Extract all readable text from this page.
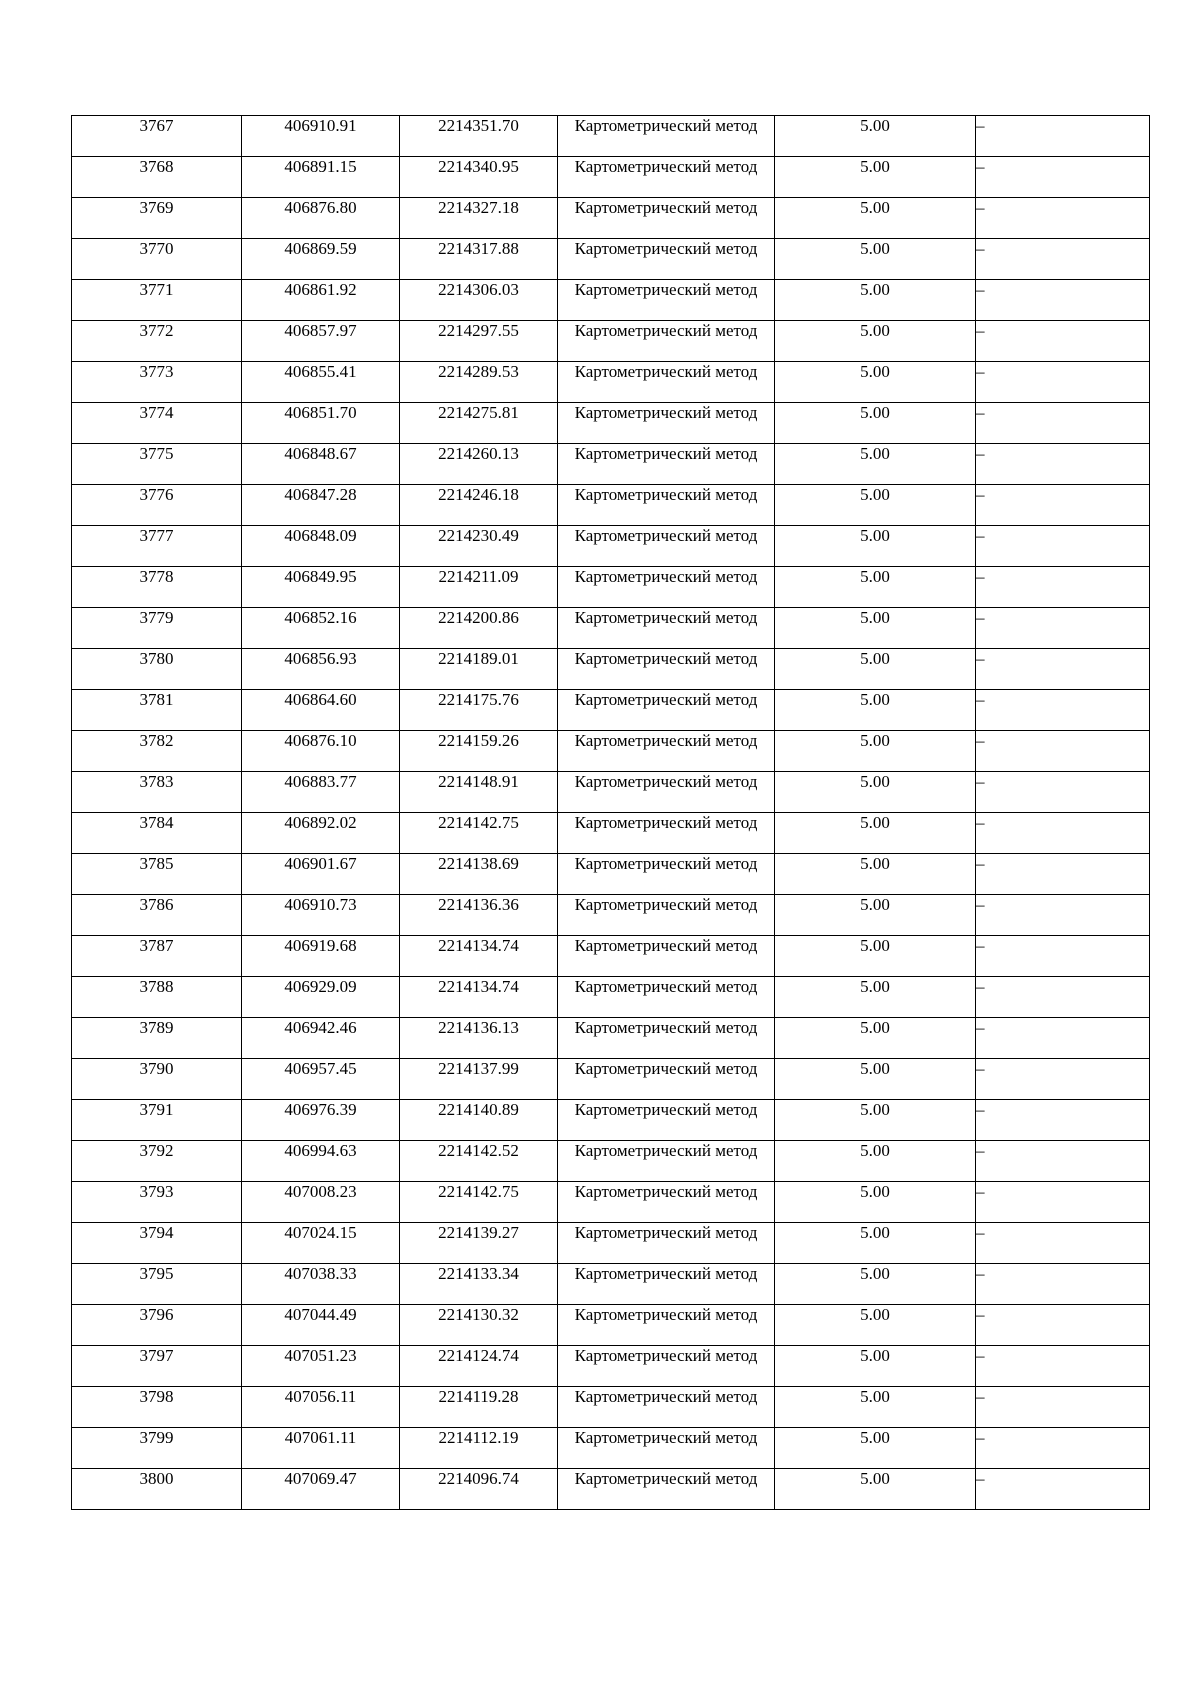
3767	406910.91	2214351.70	Картометрический метод	5.00	–
3768	406891.15	2214340.95	Картометрический метод	5.00	–
3769	406876.80	2214327.18	Картометрический метод	5.00	–
3770	406869.59	2214317.88	Картометрический метод	5.00	–
3771	406861.92	2214306.03	Картометрический метод	5.00	–
3772	406857.97	2214297.55	Картометрический метод	5.00	–
3773	406855.41	2214289.53	Картометрический метод	5.00	–
3774	406851.70	2214275.81	Картометрический метод	5.00	–
3775	406848.67	2214260.13	Картометрический метод	5.00	–
3776	406847.28	2214246.18	Картометрический метод	5.00	–
3777	406848.09	2214230.49	Картометрический метод	5.00	–
3778	406849.95	2214211.09	Картометрический метод	5.00	–
3779	406852.16	2214200.86	Картометрический метод	5.00	–
3780	406856.93	2214189.01	Картометрический метод	5.00	–
3781	406864.60	2214175.76	Картометрический метод	5.00	–
3782	406876.10	2214159.26	Картометрический метод	5.00	–
3783	406883.77	2214148.91	Картометрический метод	5.00	–
3784	406892.02	2214142.75	Картометрический метод	5.00	–
3785	406901.67	2214138.69	Картометрический метод	5.00	–
3786	406910.73	2214136.36	Картометрический метод	5.00	–
3787	406919.68	2214134.74	Картометрический метод	5.00	–
3788	406929.09	2214134.74	Картометрический метод	5.00	–
3789	406942.46	2214136.13	Картометрический метод	5.00	–
3790	406957.45	2214137.99	Картометрический метод	5.00	–
3791	406976.39	2214140.89	Картометрический метод	5.00	–
3792	406994.63	2214142.52	Картометрический метод	5.00	–
3793	407008.23	2214142.75	Картометрический метод	5.00	–
3794	407024.15	2214139.27	Картометрический метод	5.00	–
3795	407038.33	2214133.34	Картометрический метод	5.00	–
3796	407044.49	2214130.32	Картометрический метод	5.00	–
3797	407051.23	2214124.74	Картометрический метод	5.00	–
3798	407056.11	2214119.28	Картометрический метод	5.00	–
3799	407061.11	2214112.19	Картометрический метод	5.00	–
3800	407069.47	2214096.74	Картометрический метод	5.00	–
